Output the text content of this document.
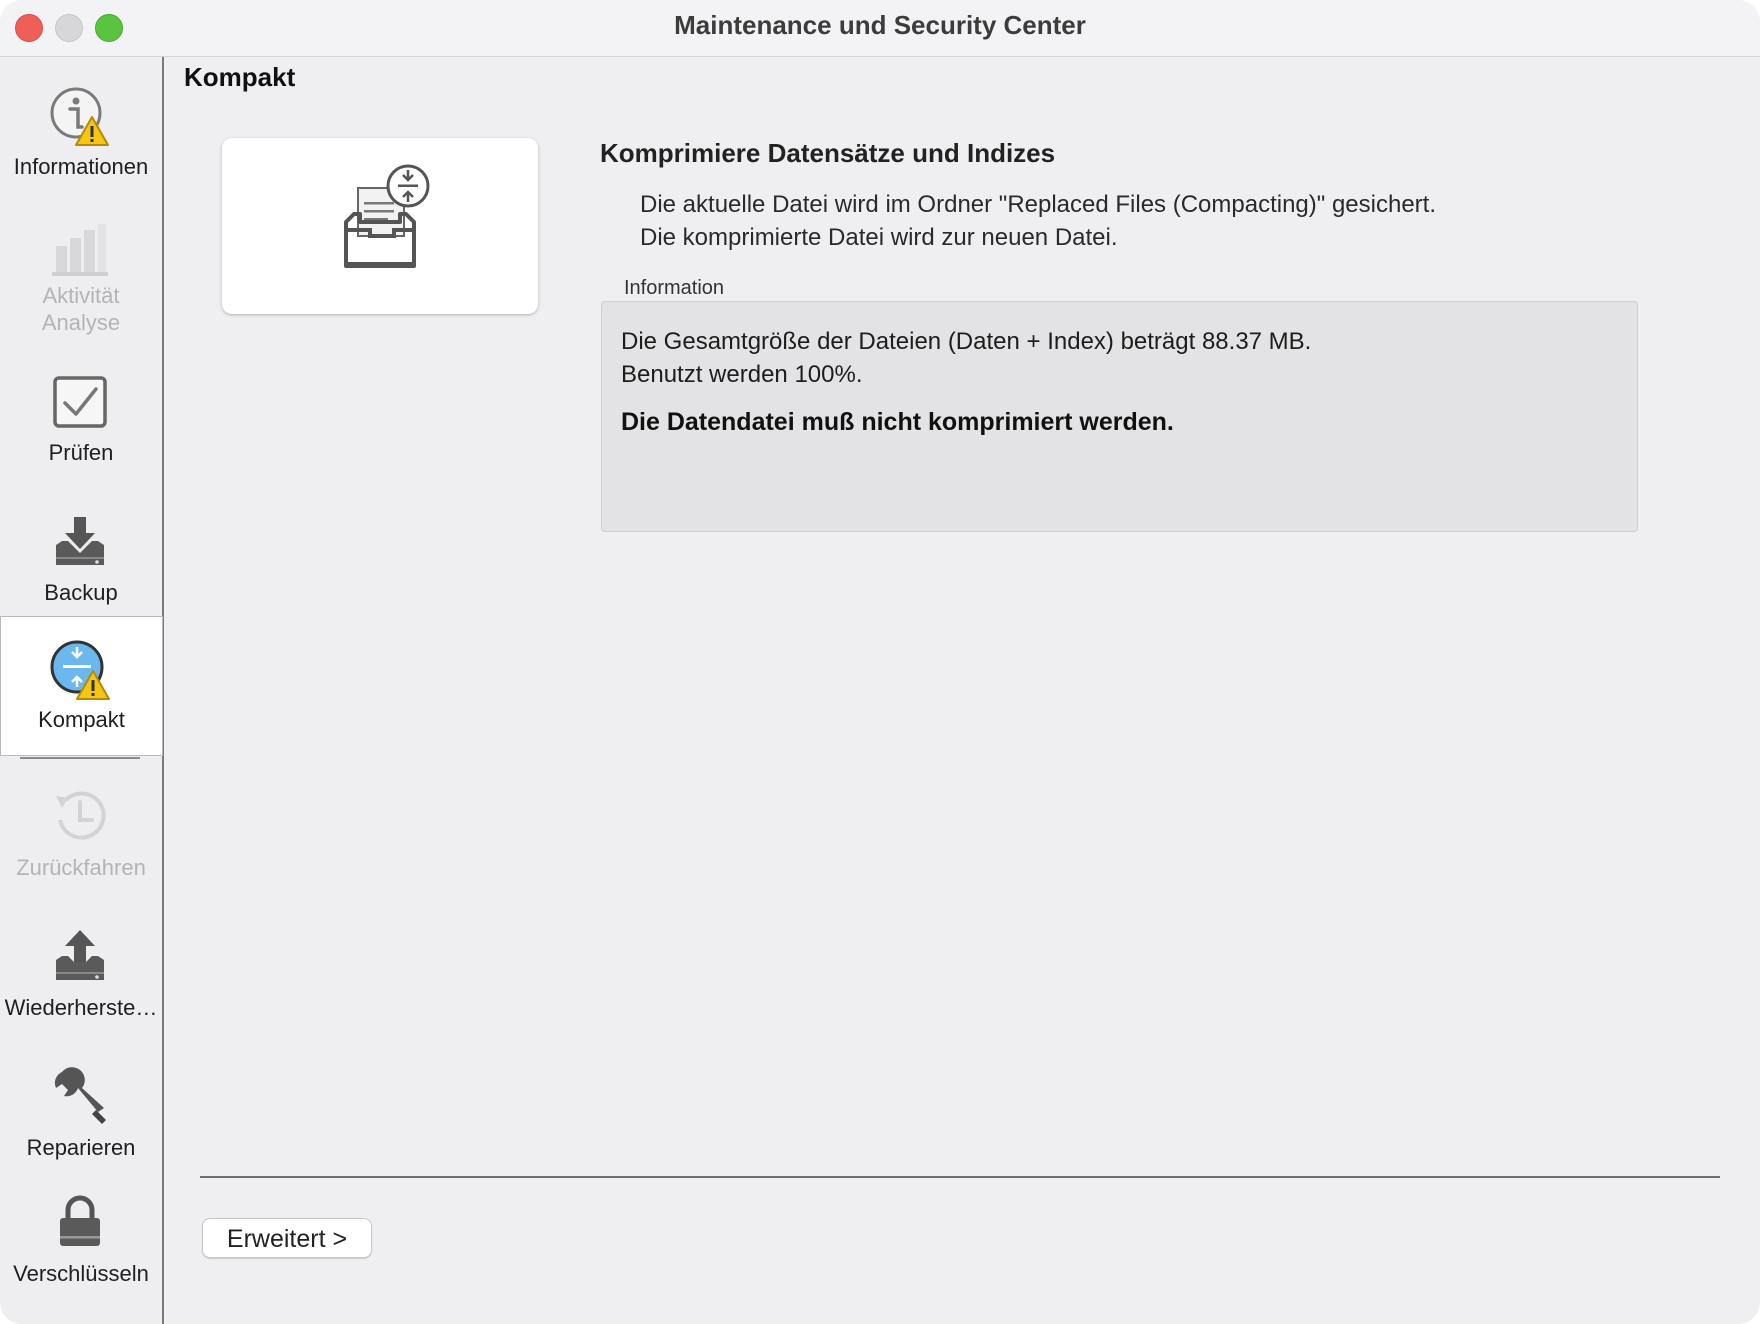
Maintenance und Security Center
Informationen
Aktivität
Analyse
Prüfen
Backup
Kompakt
Zurückfahren
Wiederherste…
Reparieren
Verschlüsseln
Kompakt
Komprimiere Datensätze und Indizes
Die aktuelle Datei wird im Ordner "Replaced Files (Compacting)" gesichert.
Die komprimierte Datei wird zur neuen Datei.
Information
Die Gesamtgröße der Dateien (Daten + Index) beträgt 88.37 MB.
Benutzt werden 100%.
Die Datendatei muß nicht komprimiert werden.
Erweitert >
